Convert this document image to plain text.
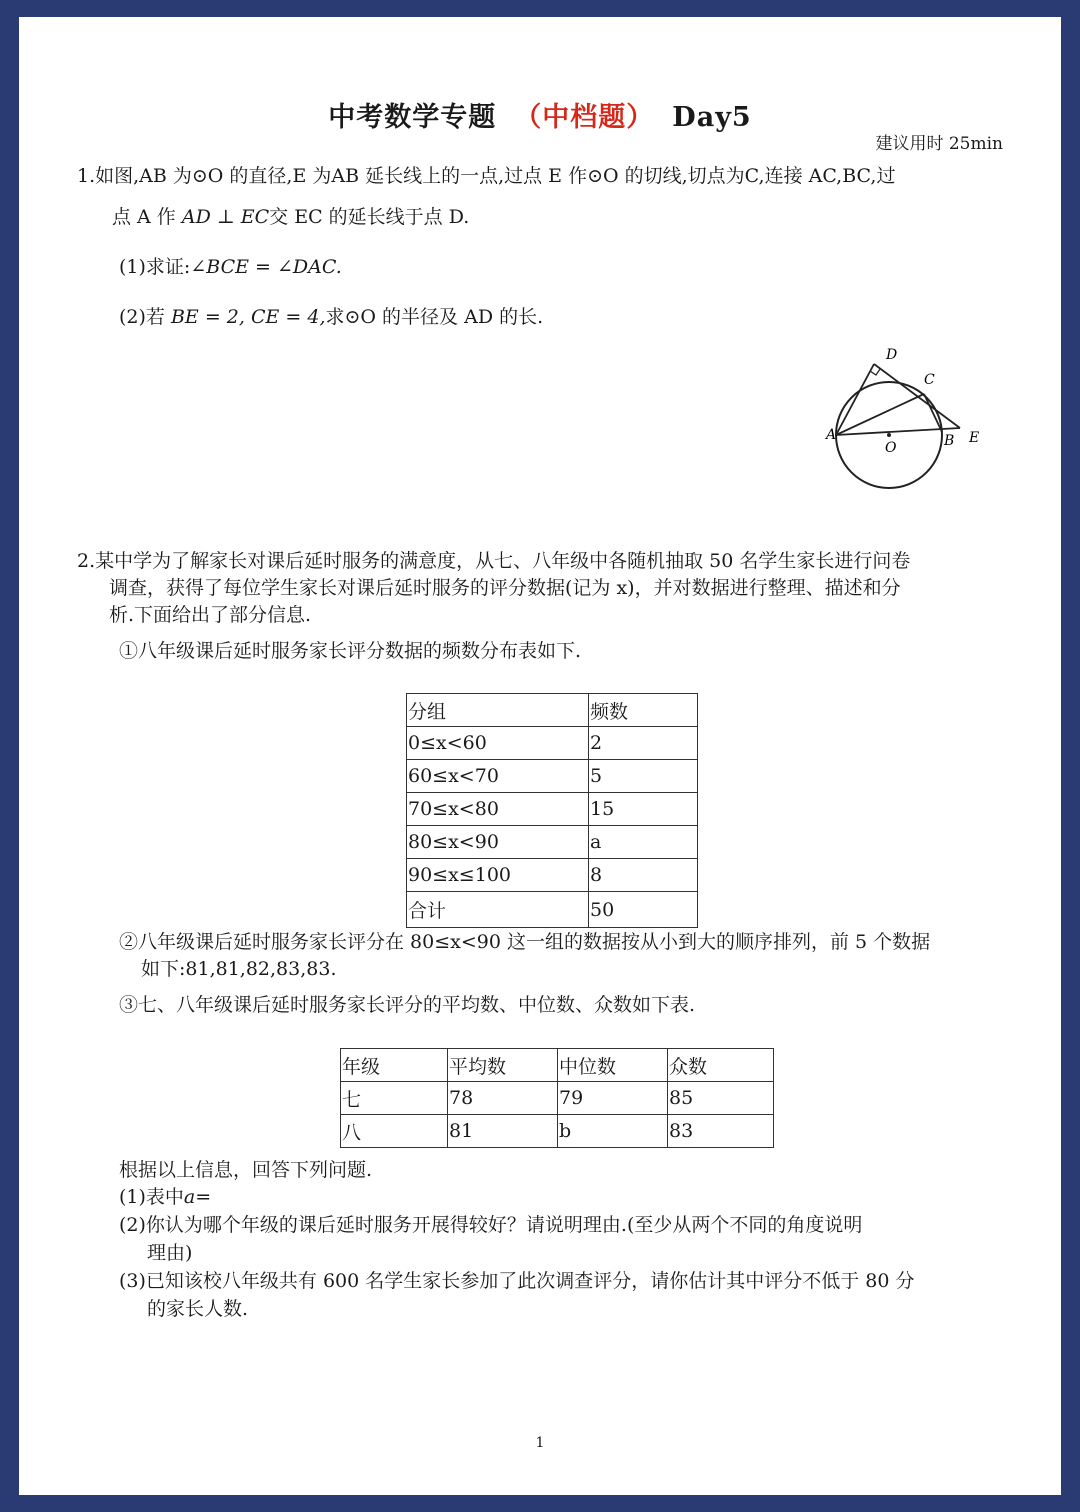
中考数学专题 （中档题） Day5
建议用时 25min
1.如图,AB 为⊙O 的直径,E 为AB 延长线上的一点,过点 E 作⊙O 的切线,切点为C,连接 AC,BC,过
点 A 作 AD ⊥ EC交 EC 的延长线于点 D.
(1)求证:∠BCE = ∠DAC.
(2)若 BE = 2, CE = 4,求⊙O 的半径及 AD 的长.
A
O	B
C
D
E
2.某中学为了解家长对课后延时服务的满意度，从七、八年级中各随机抽取 50 名学生家长进行问卷
调查，获得了每位学生家长对课后延时服务的评分数据(记为 x)，并对数据进行整理、描述和分
析.下面给出了部分信息.
①八年级课后延时服务家长评分数据的频数分布表如下.
分组	频数
0≤x<60	2
60≤x<70	5
70≤x<80	15
80≤x<90	a
90≤x≤100	8
合计	50
②八年级课后延时服务家长评分在 80≤x<90 这一组的数据按从小到大的顺序排列，前 5 个数据
如下:81,81,82,83,83.
③七、八年级课后延时服务家长评分的平均数、中位数、众数如下表.
年级	平均数	中位数	众数
七	78	79	85
八	81	b	83
根据以上信息，回答下列问题.
(1)表中a=
(2)你认为哪个年级的课后延时服务开展得较好？请说明理由.(至少从两个不同的角度说明
理由)
(3)已知该校八年级共有 600 名学生家长参加了此次调查评分，请你估计其中评分不低于 80 分
的家长人数.
1
